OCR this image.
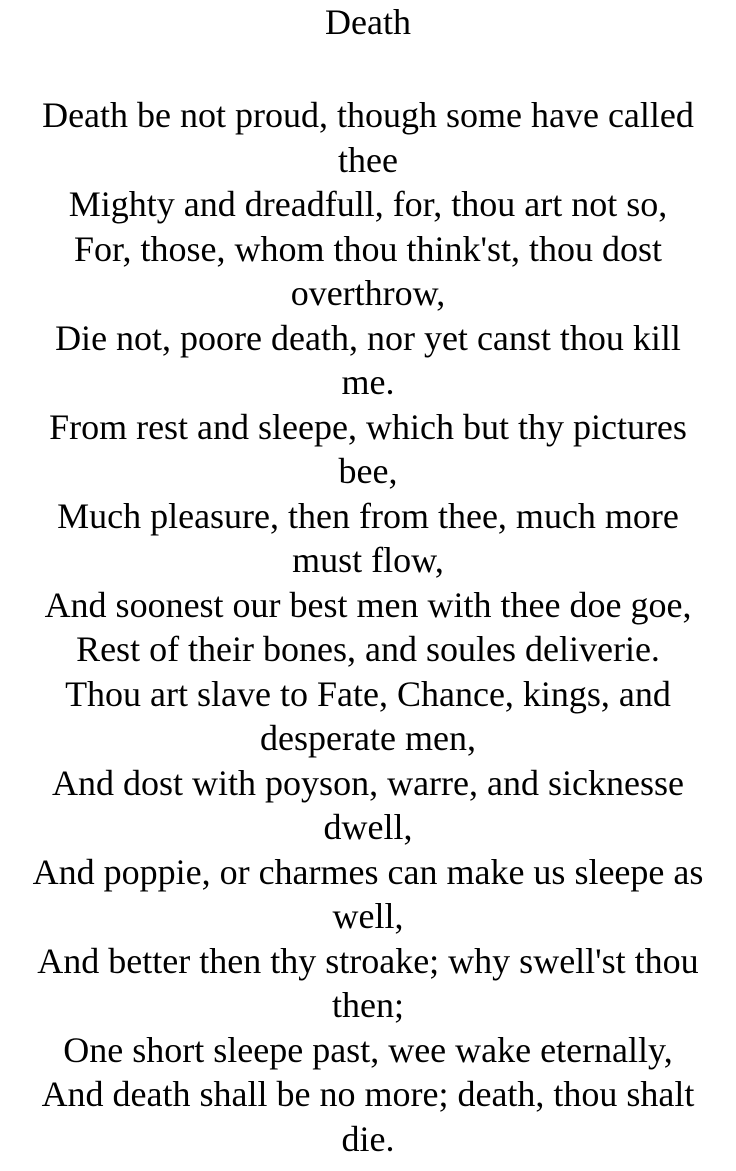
Death
Death be not proud, though some have called
thee
Mighty and dreadfull, for, thou art not so,
For, those, whom thou think'st, thou dost
overthrow,
Die not, poore death, nor yet canst thou kill
me.
From rest and sleepe, which but thy pictures
bee,
Much pleasure, then from thee, much more
must flow,
And soonest our best men with thee doe goe,
Rest of their bones, and soules deliverie.
Thou art slave to Fate, Chance, kings, and
desperate men,
And dost with poyson, warre, and sicknesse
dwell,
And poppie, or charmes can make us sleepe as
well,
And better then thy stroake; why swell'st thou
then;
One short sleepe past, wee wake eternally,
And death shall be no more; death, thou shalt
die.
